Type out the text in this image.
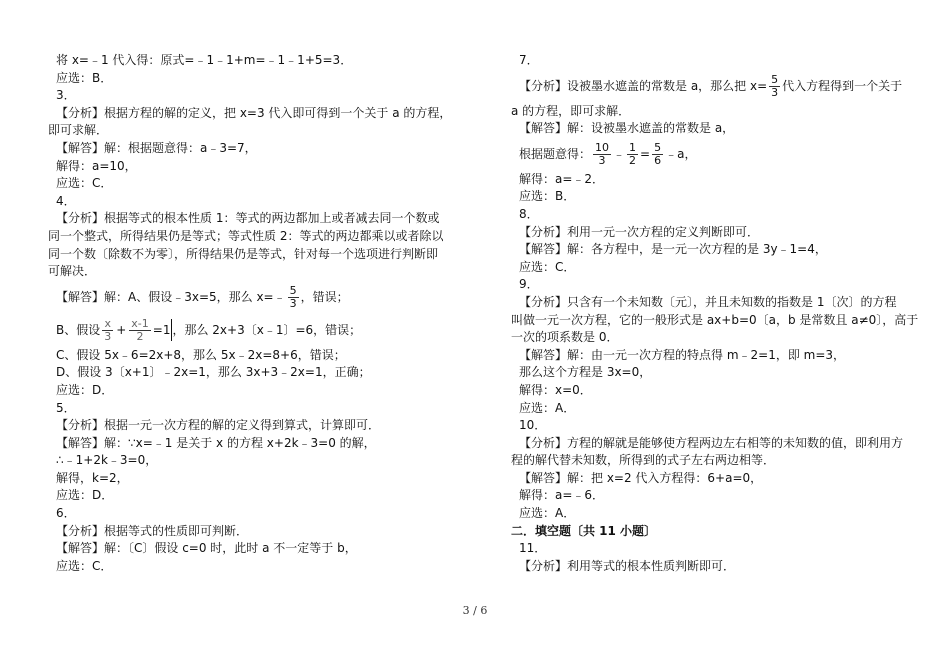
将 x=﹣1 代入得：原式=﹣1﹣1+m=﹣1﹣1+5=3．
应选：B．
3．
【分析】根据方程的解的定义，把 x=3 代入即可得到一个关于 a 的方程，
即可求解．
【解答】解：根据题意得：a﹣3=7，
解得：a=10，
应选：C．
4．
【分析】根据等式的根本性质 1：等式的两边都加上或者减去同一个数或
同一个整式，所得结果仍是等式；等式性质 2：等式的两边都乘以或者除以
同一个数〔除数不为零〕，所得结果仍是等式，针对每一个选项进行判断即
可解决．
【解答】解：A、假设﹣3x=5，那么 x=﹣ $\frac{5}{3}$ ，错误；
B、假设 $\frac{x}{3} + \frac{x-1}{2} =1$ ，那么 2x+3〔x﹣1〕=6，错误；
C、假设 5x﹣6=2x+8，那么 5x﹣2x=8+6，错误；
D、假设 3〔x+1〕﹣2x=1，那么 3x+3﹣2x=1，正确；
应选：D．
5．
【分析】根据一元一次方程的解的定义得到算式，计算即可．
【解答】解：∵x=﹣1 是关于 x 的方程 x+2k﹣3=0 的解，
∴﹣1+2k﹣3=0，
解得，k=2，
应选：D．
6．
【分析】根据等式的性质即可判断．
【解答】解：〔C〕假设 c=0 时，此时 a 不一定等于 b，
应选：C．
7．
【分析】设被墨水遮盖的常数是 a，那么把 $x= \frac{5}{3}$ 代入方程得到一个关于
a 的方程，即可求解．
【解答】解：设被墨水遮盖的常数是 a，
根据题意得： $\frac{10}{3}$ ﹣ $\frac{1}{2} = \frac{5}{6}$ ﹣a，
解得：a=﹣2．
应选：B．
8．
【分析】利用一元一次方程的定义判断即可．
【解答】解：各方程中，是一元一次方程的是 3y﹣1=4，
应选：C．
9．
【分析】只含有一个未知数〔元〕，并且未知数的指数是 1〔次〕的方程
叫做一元一次方程，它的一般形式是 ax+b=0〔a，b 是常数且 a≠0〕，高于
一次的项系数是 0．
【解答】解：由一元一次方程的特点得 m﹣2=1，即 m=3，
那么这个方程是 3x=0，
解得：x=0．
应选：A．
10．
【分析】方程的解就是能够使方程两边左右相等的未知数的值，即利用方
程的解代替未知数，所得到的式子左右两边相等．
【解答】解：把 x=2 代入方程得：6+a=0，
解得：a=﹣6．
应选：A．
二．填空题〔共 11 小题〕
11．
【分析】利用等式的根本性质判断即可．
3 / 6
